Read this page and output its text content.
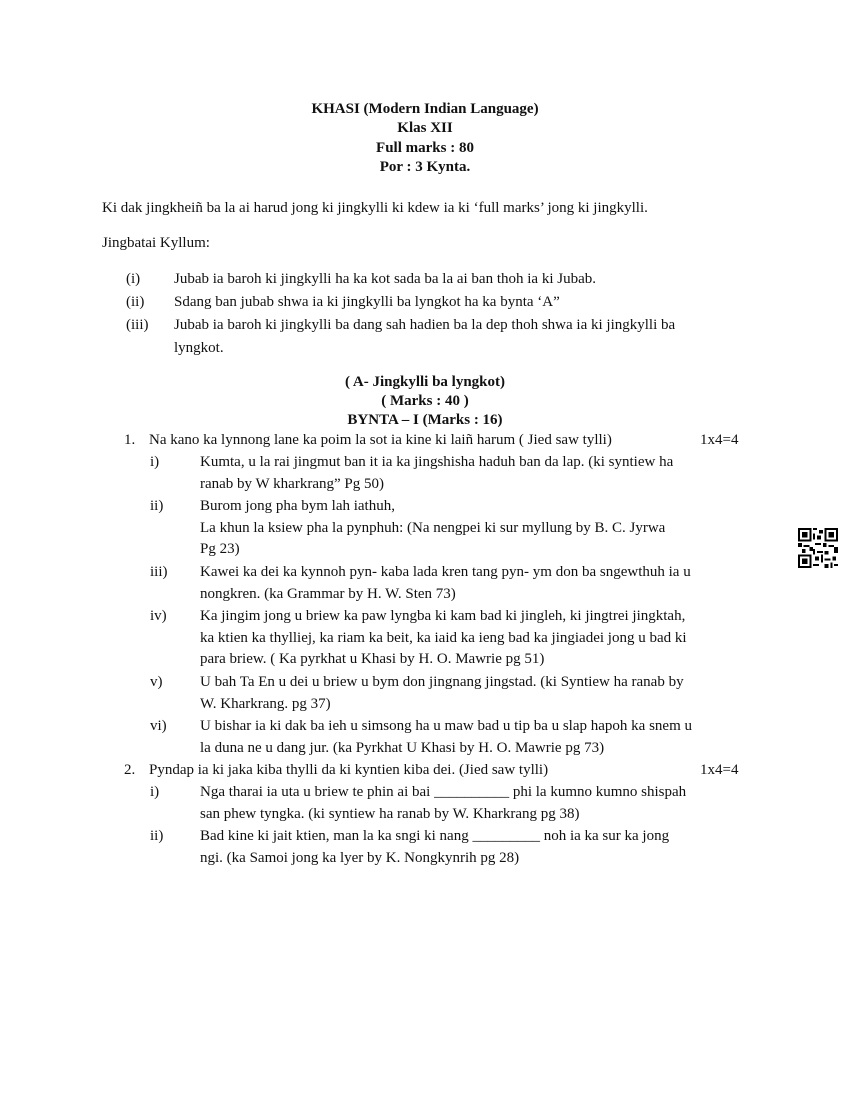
KHASI (Modern Indian Language)
Klas XII
Full marks : 80
Por : 3 Kynta.
Ki dak jingkheiñ ba la ai harud jong ki jingkylli ki kdew ia ki ‘full marks’ jong ki jingkylli.
Jingbatai Kyllum:
(i) Jubab ia baroh ki jingkylli ha ka kot sada ba la ai ban thoh ia ki Jubab.
(ii) Sdang ban jubab shwa ia ki jingkylli ba lyngkot ha ka bynta ‘A”
(iii) Jubab ia baroh ki jingkylli ba dang sah hadien ba la dep thoh shwa ia ki jingkylli ba
lyngkot.
( A- Jingkylli ba lyngkot)
( Marks : 40 )
BYNTA – I (Marks : 16)
1. Na kano ka lynnong lane ka poim la sot ia kine ki laiñ harum ( Jied saw tylli)	1x4=4
i)	Kumta, u la rai jingmut ban it ia ka jingshisha haduh ban da lap. (ki syntiew ha
ranab by W kharkrang” Pg 50)
ii) Burom jong pha bym lah iathuh,
La khun la ksiew pha la pynphuh: (Na nengpei ki sur myllung by B. C. Jyrwa
Pg 23)
iii) Kawei ka dei ka kynnoh pyn- kaba lada kren tang pyn- ym don ba sngewthuh ia u
nongkren. (ka Grammar by H. W. Sten 73)
iv) Ka jingim jong u briew ka paw lyngba ki kam bad ki jingleh, ki jingtrei jingktah,
ka ktien ka thylliej, ka riam ka beit, ka iaid ka ieng bad ka jingiadei jong u bad ki
para briew. ( Ka pyrkhat u Khasi by H. O. Mawrie pg 51)
v)	U bah Ta En u dei u briew u bym don jingnang jingstad. (ki Syntiew ha ranab by
W. Kharkrang. pg 37)
vi) U bishar ia ki dak ba ieh u simsong ha u maw bad u tip ba u slap hapoh ka snem u
la duna ne u dang jur. (ka Pyrkhat U Khasi by H. O. Mawrie pg 73)
2. Pyndap ia ki jaka kiba thylli da ki kyntien kiba dei. (Jied saw tylli)	1x4=4
i)	Nga tharai ia uta u briew te phin ai bai __________ phi la kumno kumno shispah
san phew tyngka. (ki syntiew ha ranab by W. Kharkrang pg 38)
ii) Bad kine ki jait ktien, man la ka sngi ki nang _________ noh ia ka sur ka jong
ngi. (ka Samoi jong ka lyer by K. Nongkynrih pg 28)
